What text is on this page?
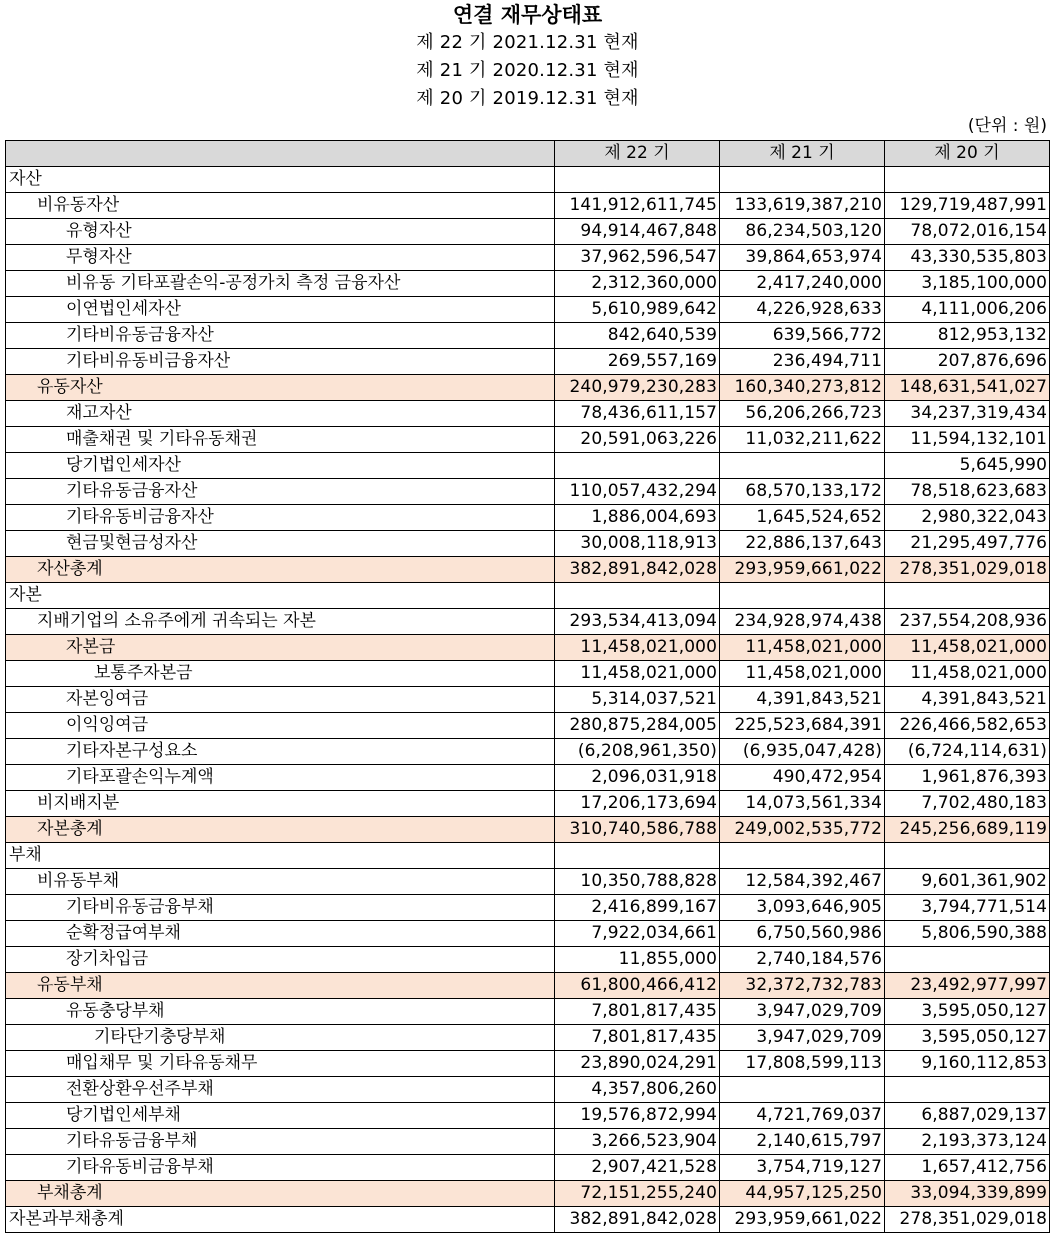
연결 재무상태표
제 22 기 2021.12.31 현재
제 21 기 2020.12.31 현재
제 20 기 2019.12.31 현재
(단위 : 원)
	제 22 기	제 21 기	제 20 기
자산			
비유동자산	141,912,611,745	133,619,387,210	129,719,487,991
유형자산	94,914,467,848	86,234,503,120	78,072,016,154
무형자산	37,962,596,547	39,864,653,974	43,330,535,803
비유동 기타포괄손익-공정가치 측정 금융자산	2,312,360,000	2,417,240,000	3,185,100,000
이연법인세자산	5,610,989,642	4,226,928,633	4,111,006,206
기타비유동금융자산	842,640,539	639,566,772	812,953,132
기타비유동비금융자산	269,557,169	236,494,711	207,876,696
유동자산	240,979,230,283	160,340,273,812	148,631,541,027
재고자산	78,436,611,157	56,206,266,723	34,237,319,434
매출채권 및 기타유동채권	20,591,063,226	11,032,211,622	11,594,132,101
당기법인세자산			5,645,990
기타유동금융자산	110,057,432,294	68,570,133,172	78,518,623,683
기타유동비금융자산	1,886,004,693	1,645,524,652	2,980,322,043
현금및현금성자산	30,008,118,913	22,886,137,643	21,295,497,776
자산총계	382,891,842,028	293,959,661,022	278,351,029,018
자본			
지배기업의 소유주에게 귀속되는 자본	293,534,413,094	234,928,974,438	237,554,208,936
자본금	11,458,021,000	11,458,021,000	11,458,021,000
보통주자본금	11,458,021,000	11,458,021,000	11,458,021,000
자본잉여금	5,314,037,521	4,391,843,521	4,391,843,521
이익잉여금	280,875,284,005	225,523,684,391	226,466,582,653
기타자본구성요소	(6,208,961,350)	(6,935,047,428)	(6,724,114,631)
기타포괄손익누계액	2,096,031,918	490,472,954	1,961,876,393
비지배지분	17,206,173,694	14,073,561,334	7,702,480,183
자본총계	310,740,586,788	249,002,535,772	245,256,689,119
부채			
비유동부채	10,350,788,828	12,584,392,467	9,601,361,902
기타비유동금융부채	2,416,899,167	3,093,646,905	3,794,771,514
순확정급여부채	7,922,034,661	6,750,560,986	5,806,590,388
장기차입금	11,855,000	2,740,184,576	
유동부채	61,800,466,412	32,372,732,783	23,492,977,997
유동충당부채	7,801,817,435	3,947,029,709	3,595,050,127
기타단기충당부채	7,801,817,435	3,947,029,709	3,595,050,127
매입채무 및 기타유동채무	23,890,024,291	17,808,599,113	9,160,112,853
전환상환우선주부채	4,357,806,260		
당기법인세부채	19,576,872,994	4,721,769,037	6,887,029,137
기타유동금융부채	3,266,523,904	2,140,615,797	2,193,373,124
기타유동비금융부채	2,907,421,528	3,754,719,127	1,657,412,756
부채총계	72,151,255,240	44,957,125,250	33,094,339,899
자본과부채총계	382,891,842,028	293,959,661,022	278,351,029,018
